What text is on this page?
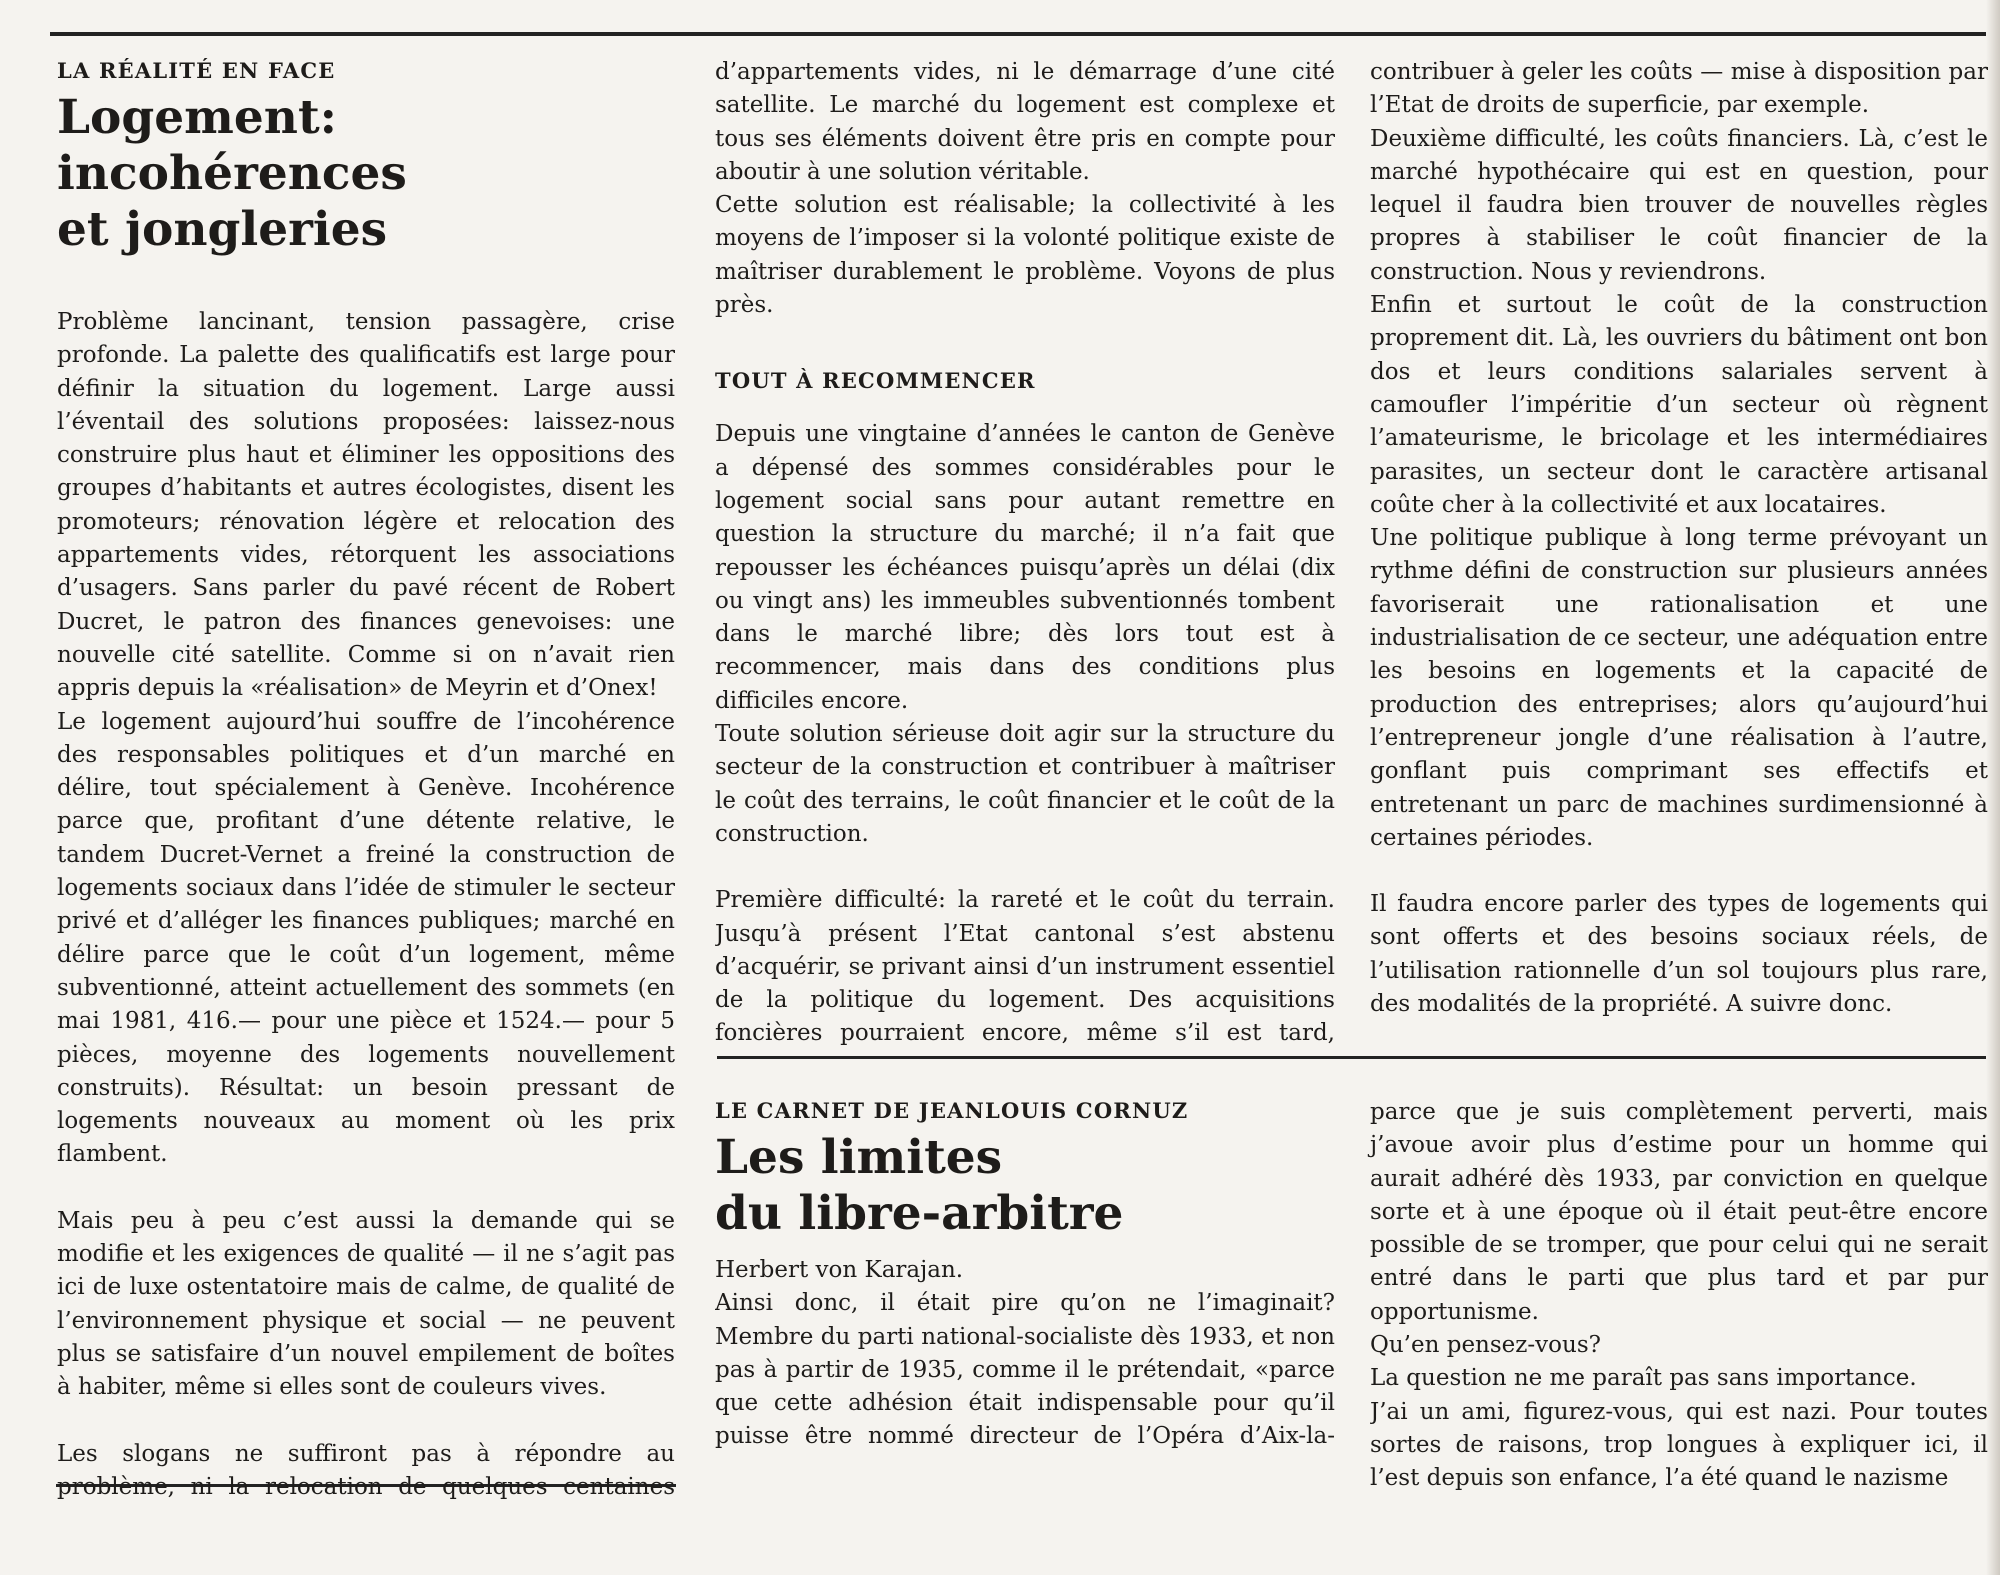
LA RÉALITÉ EN FACE

Logement: incohérences
et jongleries

Problème lancinant, tension passagère, crise profonde. La palette des qualificatifs est large pour définir la situation du logement. Large aussi l’éventail des solutions proposées: laissez-nous construire plus haut et éliminer les oppositions des groupes d’habitants et autres écologistes, disent les promoteurs; rénovation légère et relocation des appartements vides, rétorquent les associations d’usagers. Sans parler du pavé récent de Robert Ducret, le patron des finances genevoises: une nouvelle cité satellite. Comme si on n’avait rien appris depuis la «réalisation» de Meyrin et d’Onex!

Le logement aujourd’hui souffre de l’incohérence des responsables politiques et d’un marché en délire, tout spécialement à Genève. Incohérence parce que, profitant d’une détente relative, le tandem Ducret-Vernet a freiné la construction de logements sociaux dans l’idée de stimuler le secteur privé et d’alléger les finances publiques; marché en délire parce que le coût d’un logement, même subventionné, atteint actuellement des sommets (en mai 1981, 416.— pour une pièce et 1524.— pour 5 pièces, moyenne des logements nouvellement construits). Résultat: un besoin pressant de logements nouveaux au moment où les prix flambent.

Mais peu à peu c’est aussi la demande qui se modifie et les exigences de qualité — il ne s’agit pas ici de luxe ostentatoire mais de calme, de qualité de l’environnement physique et social — ne peuvent plus se satisfaire d’un nouvel empilement de boîtes à habiter, même si elles sont de couleurs vives.

Les slogans ne suffiront pas à répondre au problème, ni la relocation de quelques centaines

d’appartements vides, ni le démarrage d’une cité satellite. Le marché du logement est complexe et tous ses éléments doivent être pris en compte pour aboutir à une solution véritable.

Cette solution est réalisable; la collectivité à les moyens de l’imposer si la volonté politique existe de maîtriser durablement le problème. Voyons de plus près.

TOUT À RECOMMENCER

Depuis une vingtaine d’années le canton de Genève a dépensé des sommes considérables pour le logement social sans pour autant remettre en question la structure du marché; il n’a fait que repousser les échéances puisqu’après un délai (dix ou vingt ans) les immeubles subventionnés tombent dans le marché libre; dès lors tout est à recommencer, mais dans des conditions plus difficiles encore.

Toute solution sérieuse doit agir sur la structure du secteur de la construction et contribuer à maîtriser le coût des terrains, le coût financier et le coût de la construction.

Première difficulté: la rareté et le coût du terrain. Jusqu’à présent l’Etat cantonal s’est abstenu d’acquérir, se privant ainsi d’un instrument essentiel de la politique du logement. Des acquisitions foncières pourraient encore, même s’il est tard,

contribuer à geler les coûts — mise à disposition par l’Etat de droits de superficie, par exemple.

Deuxième difficulté, les coûts financiers. Là, c’est le marché hypothécaire qui est en question, pour lequel il faudra bien trouver de nouvelles règles propres à stabiliser le coût financier de la construction. Nous y reviendrons.

Enfin et surtout le coût de la construction proprement dit. Là, les ouvriers du bâtiment ont bon dos et leurs conditions salariales servent à camoufler l’impéritie d’un secteur où règnent l’amateurisme, le bricolage et les intermédiaires parasites, un secteur dont le caractère artisanal coûte cher à la collectivité et aux locataires.

Une politique publique à long terme prévoyant un rythme défini de construction sur plusieurs années favoriserait une rationalisation et une industrialisation de ce secteur, une adéquation entre les besoins en logements et la capacité de production des entreprises; alors qu’aujourd’hui l’entrepreneur jongle d’une réalisation à l’autre, gonflant puis comprimant ses effectifs et entretenant un parc de machines surdimensionné à certaines périodes.

Il faudra encore parler des types de logements qui sont offerts et des besoins sociaux réels, de l’utilisation rationnelle d’un sol toujours plus rare, des modalités de la propriété. A suivre donc.

LE CARNET DE JEANLOUIS CORNUZ

Les limites
du libre-arbitre

Herbert von Karajan.

Ainsi donc, il était pire qu’on ne l’imaginait? Membre du parti national-socialiste dès 1933, et non pas à partir de 1935, comme il le prétendait, «parce que cette adhésion était indispensable pour qu’il puisse être nommé directeur de l’Opéra d’Aix-la-

parce que je suis complètement perverti, mais j’avoue avoir plus d’estime pour un homme qui aurait adhéré dès 1933, par conviction en quelque sorte et à une époque où il était peut-être encore possible de se tromper, que pour celui qui ne serait entré dans le parti que plus tard et par pur opportunisme.

Qu’en pensez-vous?

La question ne me paraît pas sans importance.

J’ai un ami, figurez-vous, qui est nazi. Pour toutes sortes de raisons, trop longues à expliquer ici, il l’est depuis son enfance, l’a été quand le nazisme
